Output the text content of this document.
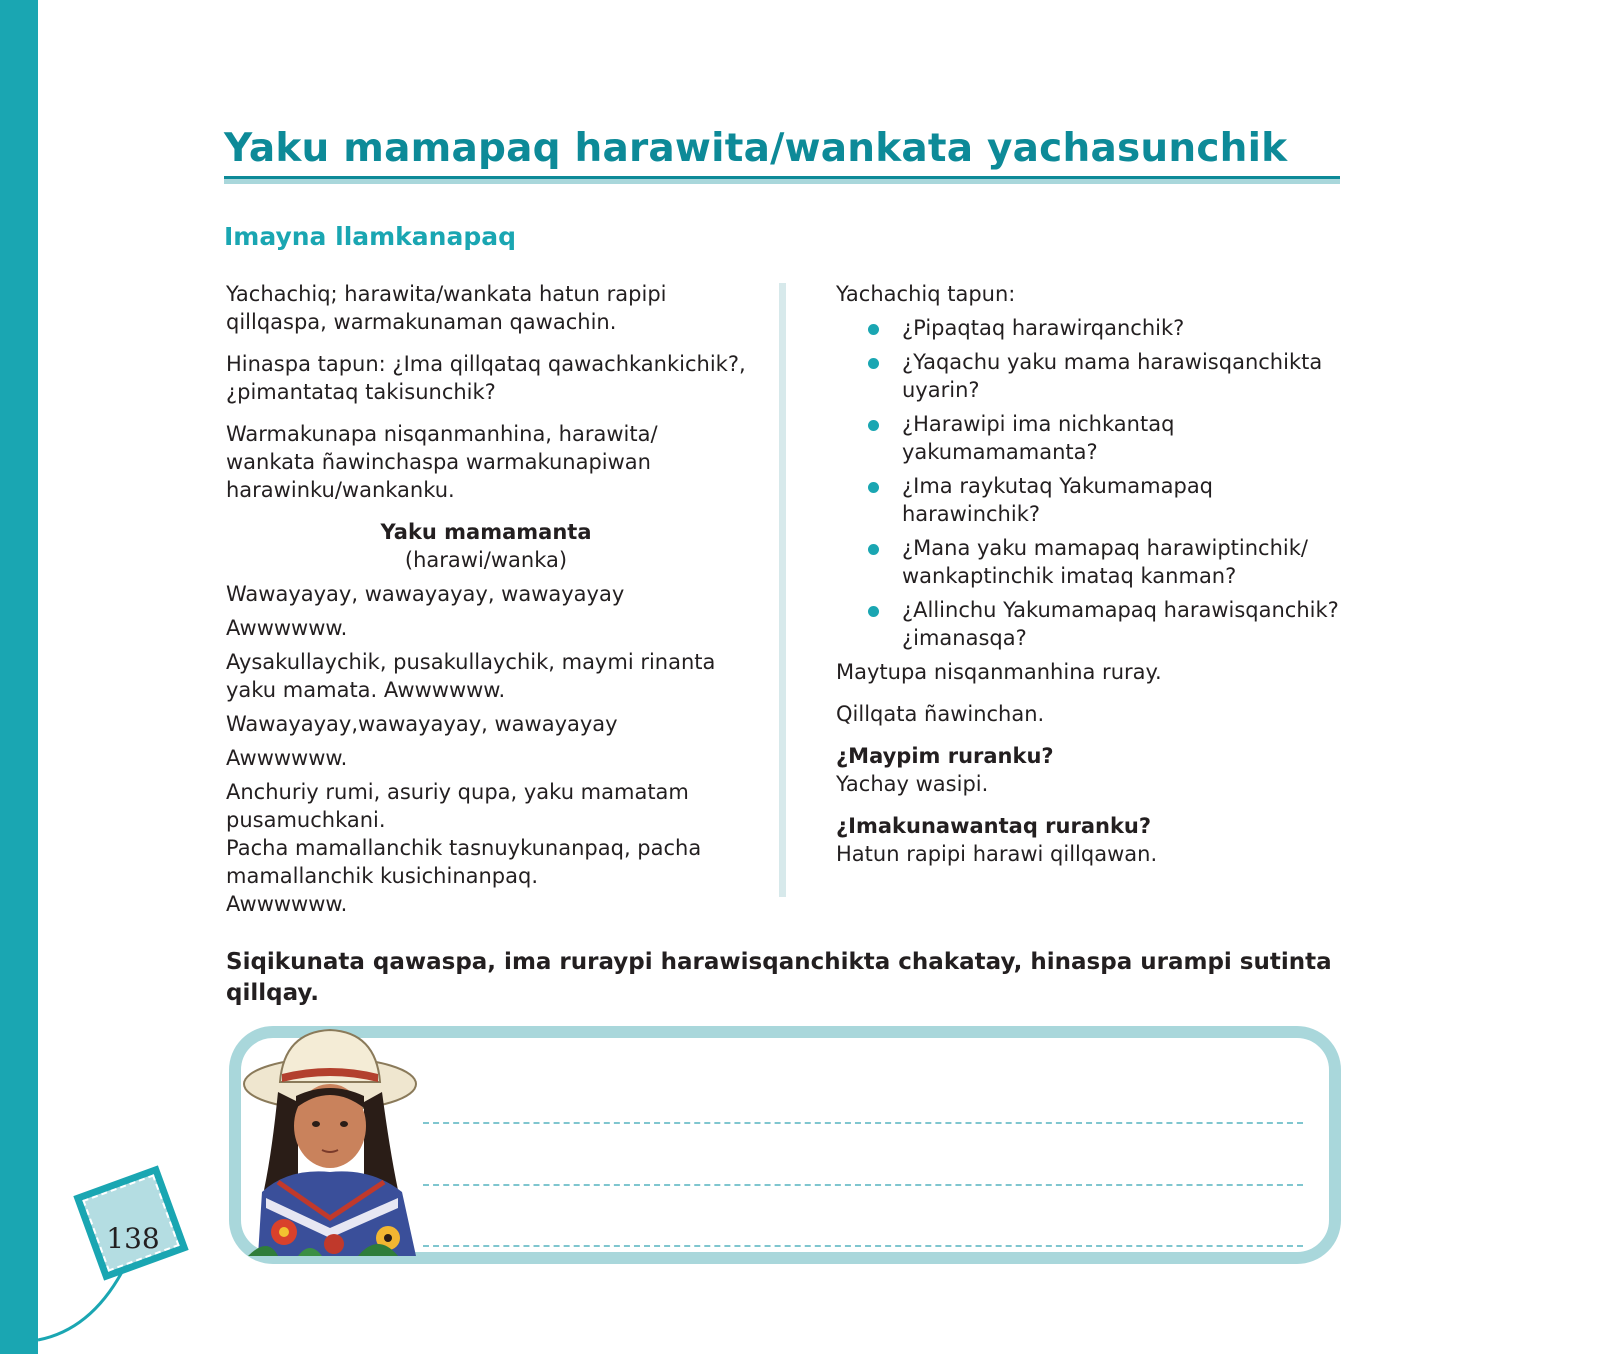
Yaku mamapaq harawita/wankata yachasunchik
Imayna llamkanapaq

Yachachiq; harawita/wankata hatun rapipi qillqaspa, warmakunaman qawachin.

Hinaspa tapun: ¿Ima qillqataq qawachkankichik?, ¿pimantataq takisunchik?

Warmakunapa nisqanmanhina, harawita/ wankata ñawinchaspa warmakunapiwan harawinku/wankanku.

Yaku mamamanta

(harawi/wanka)

Wawayayay, wawayayay, wawayayay

Awwwwww.

Aysakullaychik, pusakullaychik, maymi rinanta yaku mamata. Awwwwww.

Wawayayay,wawayayay, wawayayay

Awwwwww.

Anchuriy rumi, asuriy qupa, yaku mamatam pusamuchkani.

Pacha mamallanchik tasnuykunanpaq, pacha mamallanchik kusichinanpaq.

Awwwwww.

Yachachiq tapun:

¿Pipaqtaq harawirqanchik?
¿Yaqachu yaku mama harawisqanchikta uyarin?
¿Harawipi ima nichkantaq yakumamamanta?
¿Ima raykutaq Yakumamapaq harawinchik?
¿Mana yaku mamapaq harawiptinchik/ wankaptinchik imataq kanman?
¿Allinchu Yakumamapaq harawisqanchik? ¿imanasqa?

Maytupa nisqanmanhina ruray.

Qillqata ñawinchan.

¿Maypim ruranku?

Yachay wasipi.

¿Imakunawantaq ruranku?

Hatun rapipi harawi qillqawan.

Siqikunata qawaspa, ima ruraypi harawisqanchikta chakatay, hinaspa urampi sutinta qillqay.

138
